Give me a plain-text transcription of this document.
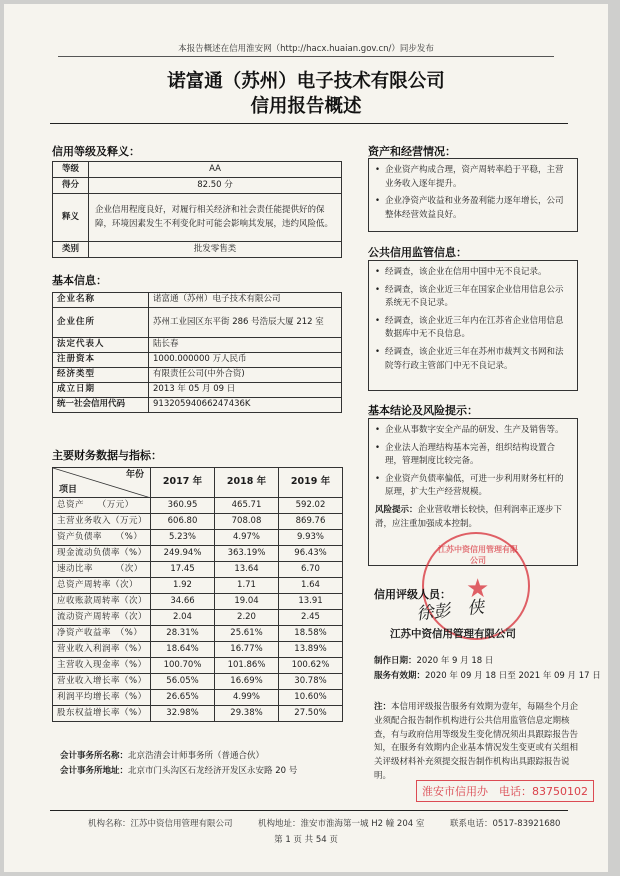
本报告概述在信用淮安网（http://hacx.huaian.gov.cn/）同步发布
诺富通（苏州）电子技术有限公司
信用报告概述
信用等级及释义：
等级	AA
得分	82.50 分
释义	企业信用程度良好，对履行相关经济和社会责任能提供好的保障，环境因素发生不利变化时可能会影响其发展，违约风险低。
类别	批发零售类
基本信息：
企业名称	诺富通（苏州）电子技术有限公司
企业住所	苏州工业园区东平街 286 号浩辰大厦 212 室
法定代表人	陆长春
注册资本	1000.000000 万人民币
经济类型	有限责任公司(中外合资)
成立日期	2013 年 05 月 09 日
统一社会信用代码	91320594066247436K
主要财务数据与指标：
年份
项目	2017 年	2018 年	2019 年
总资产　　（万元）	360.95	465.71	592.02
主营业务收入（万元）	606.80	708.08	869.76
资产负债率　　（%）	5.23%	4.97%	9.93%
现金流动负债率（%）	249.94%	363.19%	96.43%
速动比率　　　（次）	17.45	13.64	6.70
总资产周转率（次）	1.92	1.71	1.64
应收账款周转率（次）	34.66	19.04	13.91
流动资产周转率（次）	2.04	2.20	2.45
净资产收益率　（%）	28.31%	25.61%	18.58%
营业收入利润率（%）	18.64%	16.77%	13.89%
主营收入现金率（%）	100.70%	101.86%	100.62%
营业收入增长率（%）	56.05%	16.69%	30.78%
利润平均增长率（%）	26.65%	4.99%	10.60%
股东权益增长率（%）	32.98%	29.38%	27.50%
会计事务所名称：北京浩清会计师事务所（普通合伙）
会计事务所地址：北京市门头沟区石龙经济开发区永安路 20 号
资产和经营情况：
• 企业资产构成合理，资产周转率趋于平稳，主营业务收入逐年提升。
• 企业净资产收益和业务盈利能力逐年增长，公司整体经营效益良好。
公共信用监管信息：
• 经调查，该企业在信用中国中无不良记录。
• 经调查，该企业近三年在国家企业信用信息公示系统无不良记录。
• 经调查，该企业近三年内在江苏省企业信用信息数据库中无不良信息。
• 经调查，该企业近三年在苏州市裁判文书网和法院等行政主管部门中无不良记录。
基本结论及风险提示：
• 企业从事数字安全产品的研发、生产及销售等。
• 企业法人治理结构基本完善，组织结构设置合理，管理制度比较完备。
• 企业资产负债率偏低，可进一步利用财务杠杆的原理，扩大生产经营规模。
风险提示：企业营收增长较快，但利润率正逐步下滑，应注重加强成本控制。
★
江苏中资信用管理有限公司
信用评级人员：
徐彭　侠
江苏中资信用管理有限公司
制作日期：2020 年 9 月 18 日
服务有效期：2020 年 09 月 18 日至 2021 年 09 月 17 日
注：本信用评级报告服务有效期为壹年，每隔叁个月企业须配合报告制作机构进行公共信用监管信息定期核查，有与政府信用等级发生变化情况须出具跟踪报告告知，在服务有效期内企业基本情况发生变更或有关组相关评级材料补充须提交报告制作机构出具跟踪报告说明。
淮安市信用办　电话：83750102
机构名称：江苏中资信用管理有限公司	机构地址：淮安市淮海第一城 H2 幢 204 室	联系电话：0517-83921680
第 1 页 共 54 页
